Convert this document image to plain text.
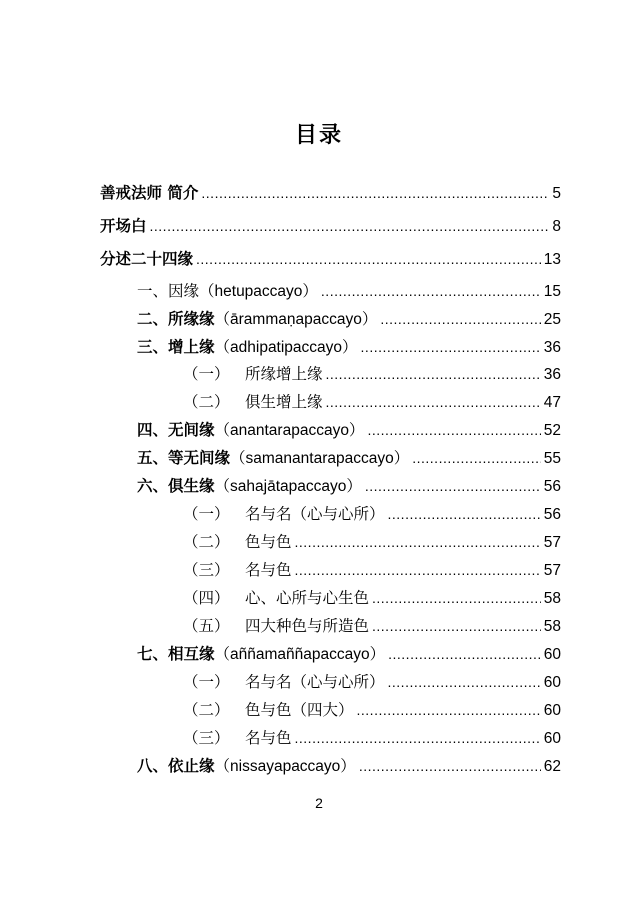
目录
善戒法师 简介 .....	5
开场白 .....	8
分述二十四缘 .....	13
一、因缘 （hetupaccayo） .....	15
二、所缘缘 （ārammaṇapaccayo） .....	25
三、增上缘 （adhipatipaccayo） .....	36
（一） 所缘增上缘 .....	36
（二） 俱生增上缘 .....	47
四、无间缘 （anantarapaccayo） .....	52
五、等无间缘 （samanantarapaccayo） .....	55
六、俱生缘 （sahajātapaccayo） .....	56
（一） 名与名（心与心所） .....	56
（二） 色与色 .....	57
（三） 名与色 .....	57
（四） 心、心所与心生色 .....	58
（五） 四大种色与所造色 .....	58
七、相互缘 （aññamaññapaccayo） .....	60
（一） 名与名（心与心所） .....	60
（二） 色与色（四大） .....	60
（三） 名与色 .....	60
八、依止缘 （nissayapaccayo） .....	62
2
